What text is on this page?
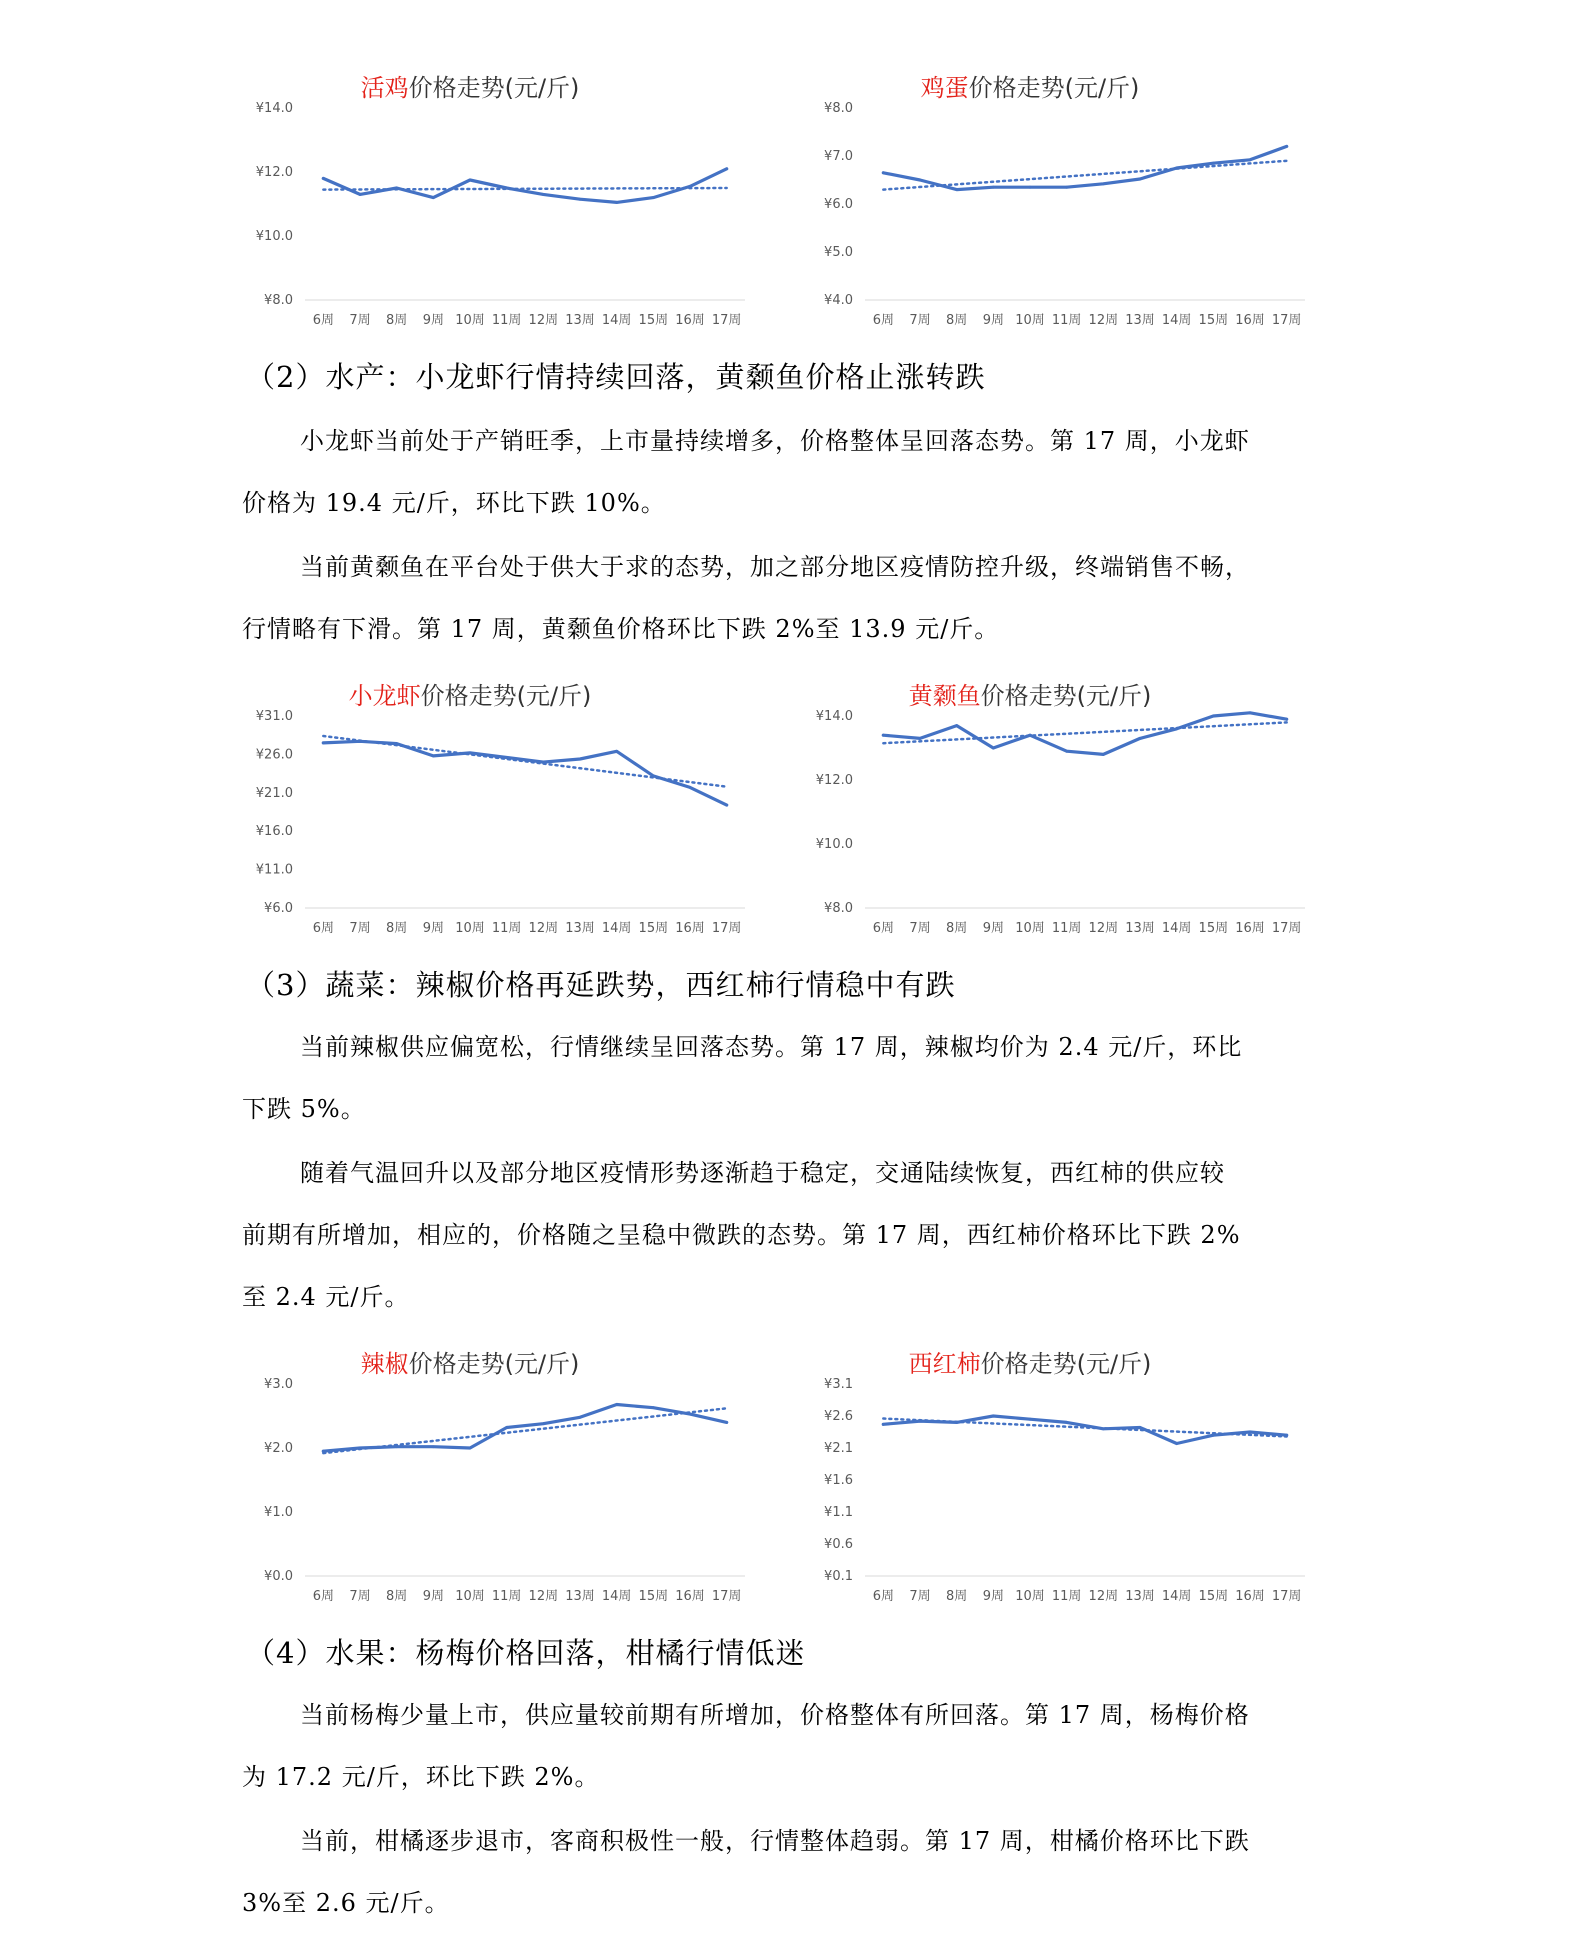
活鸡价格走势(元/斤)
¥14.0
¥12.0
¥10.0
¥8.0
6周 7周 8周 9周 10周 11周 12周 13周 14周 15周 16周 17周
鸡蛋价格走势(元/斤)
¥8.0
¥7.0
¥6.0
¥5.0
¥4.0
6周 7周 8周 9周 10周 11周 12周 13周 14周 15周 16周 17周
（2）水产：小龙虾行情持续回落，黄颡鱼价格止涨转跌
小龙虾当前处于产销旺季，上市量持续增多，价格整体呈回落态势。第 17 周，小龙虾
价格为 19.4 元/斤，环比下跌 10%。
当前黄颡鱼在平台处于供大于求的态势，加之部分地区疫情防控升级，终端销售不畅，
行情略有下滑。第 17 周，黄颡鱼价格环比下跌 2%至 13.9 元/斤。
小龙虾价格走势(元/斤)
¥31.0
¥26.0
¥21.0
¥16.0
¥11.0
¥6.0
6周 7周 8周 9周 10周 11周 12周 13周 14周 15周 16周 17周
黄颡鱼价格走势(元/斤)
¥14.0
¥12.0
¥10.0
¥8.0
6周 7周 8周 9周 10周 11周 12周 13周 14周 15周 16周 17周
（3）蔬菜：辣椒价格再延跌势，西红柿行情稳中有跌
当前辣椒供应偏宽松，行情继续呈回落态势。第 17 周，辣椒均价为 2.4 元/斤，环比
下跌 5%。
随着气温回升以及部分地区疫情形势逐渐趋于稳定，交通陆续恢复，西红柿的供应较
前期有所增加，相应的，价格随之呈稳中微跌的态势。第 17 周，西红柿价格环比下跌 2%
至 2.4 元/斤。
辣椒价格走势(元/斤)
¥3.0
¥2.0
¥1.0
¥0.0
6周 7周 8周 9周 10周 11周 12周 13周 14周 15周 16周 17周
西红柿价格走势(元/斤)
¥3.1
¥2.6
¥2.1
¥1.6
¥1.1
¥0.6
¥0.1
6周 7周 8周 9周 10周 11周 12周 13周 14周 15周 16周 17周
（4）水果：杨梅价格回落，柑橘行情低迷
当前杨梅少量上市，供应量较前期有所增加，价格整体有所回落。第 17 周，杨梅价格
为 17.2 元/斤，环比下跌 2%。
当前，柑橘逐步退市，客商积极性一般，行情整体趋弱。第 17 周，柑橘价格环比下跌
3%至 2.6 元/斤。
